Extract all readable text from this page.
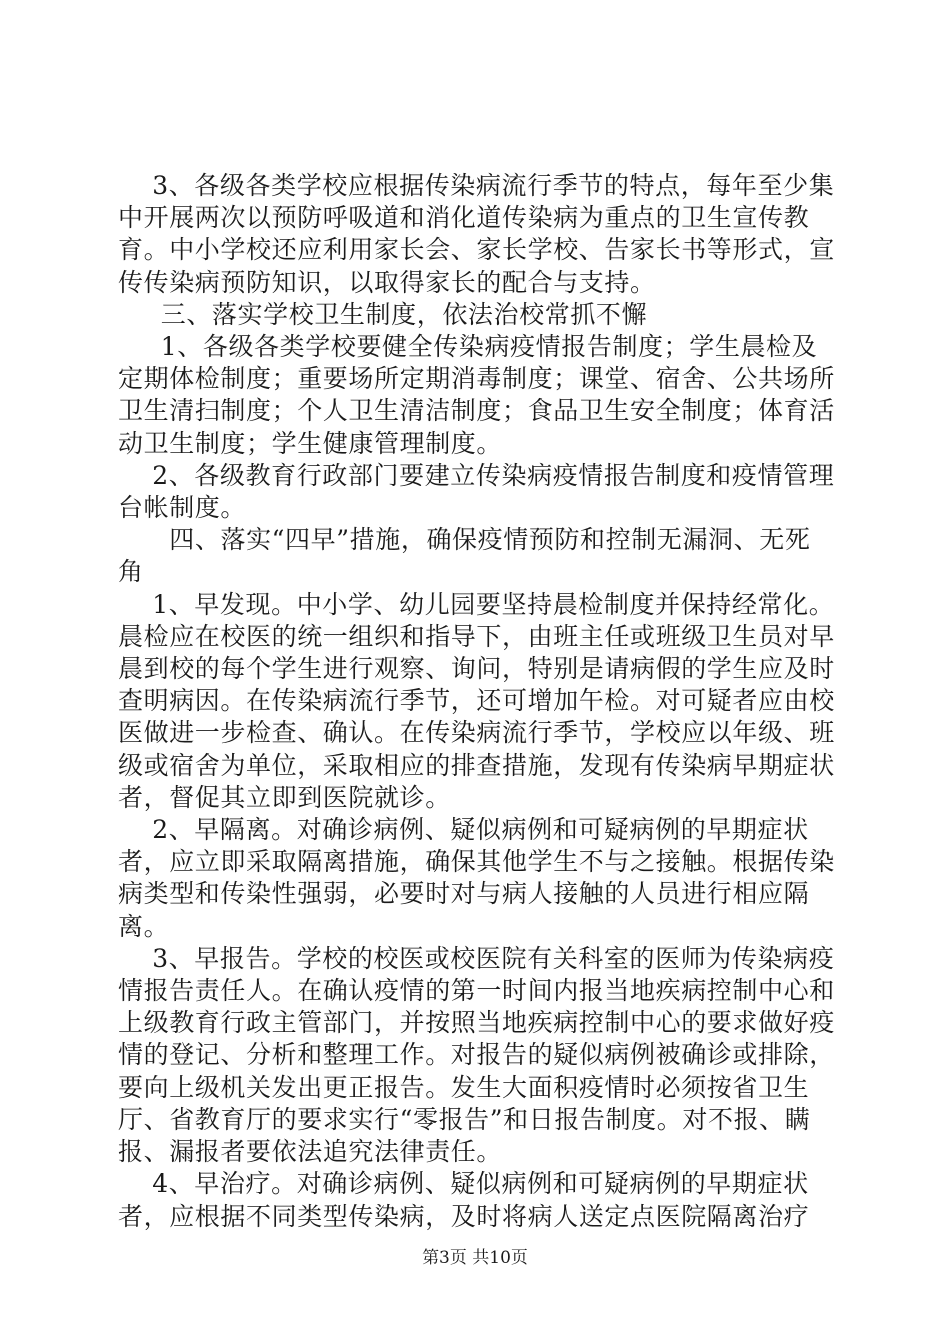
3、各级各类学校应根据传染病流行季节的特点，每年至少集中开展两次以预防呼吸道和消化道传染病为重点的卫生宣传教育。中小学校还应利用家长会、家长学校、告家长书等形式，宣传传染病预防知识，以取得家长的配合与支持。

三、落实学校卫生制度，依法治校常抓不懈

1、各级各类学校要健全传染病疫情报告制度；学生晨检及定期体检制度；重要场所定期消毒制度；课堂、宿舍、公共场所卫生清扫制度；个人卫生清洁制度；食品卫生安全制度；体育活动卫生制度；学生健康管理制度。

2、各级教育行政部门要建立传染病疫情报告制度和疫情管理台帐制度。

四、落实“四早”措施，确保疫情预防和控制无漏洞、无死角

1、早发现。中小学、幼儿园要坚持晨检制度并保持经常化。晨检应在校医的统一组织和指导下，由班主任或班级卫生员对早晨到校的每个学生进行观察、询问，特别是请病假的学生应及时查明病因。在传染病流行季节，还可增加午检。对可疑者应由校医做进一步检查、确认。在传染病流行季节，学校应以年级、班级或宿舍为单位，采取相应的排查措施，发现有传染病早期症状者，督促其立即到医院就诊。

2、早隔离。对确诊病例、疑似病例和可疑病例的早期症状者，应立即采取隔离措施，确保其他学生不与之接触。根据传染病类型和传染性强弱，必要时对与病人接触的人员进行相应隔离。

3、早报告。学校的校医或校医院有关科室的医师为传染病疫情报告责任人。在确认疫情的第一时间内报当地疾病控制中心和上级教育行政主管部门，并按照当地疾病控制中心的要求做好疫情的登记、分析和整理工作。对报告的疑似病例被确诊或排除，要向上级机关发出更正报告。发生大面积疫情时必须按省卫生厅、省教育厅的要求实行“零报告”和日报告制度。对不报、瞒报、漏报者要依法追究法律责任。

4、早治疗。对确诊病例、疑似病例和可疑病例的早期症状者，应根据不同类型传染病，及时将病人送定点医院隔离治疗

第3页 共10页
